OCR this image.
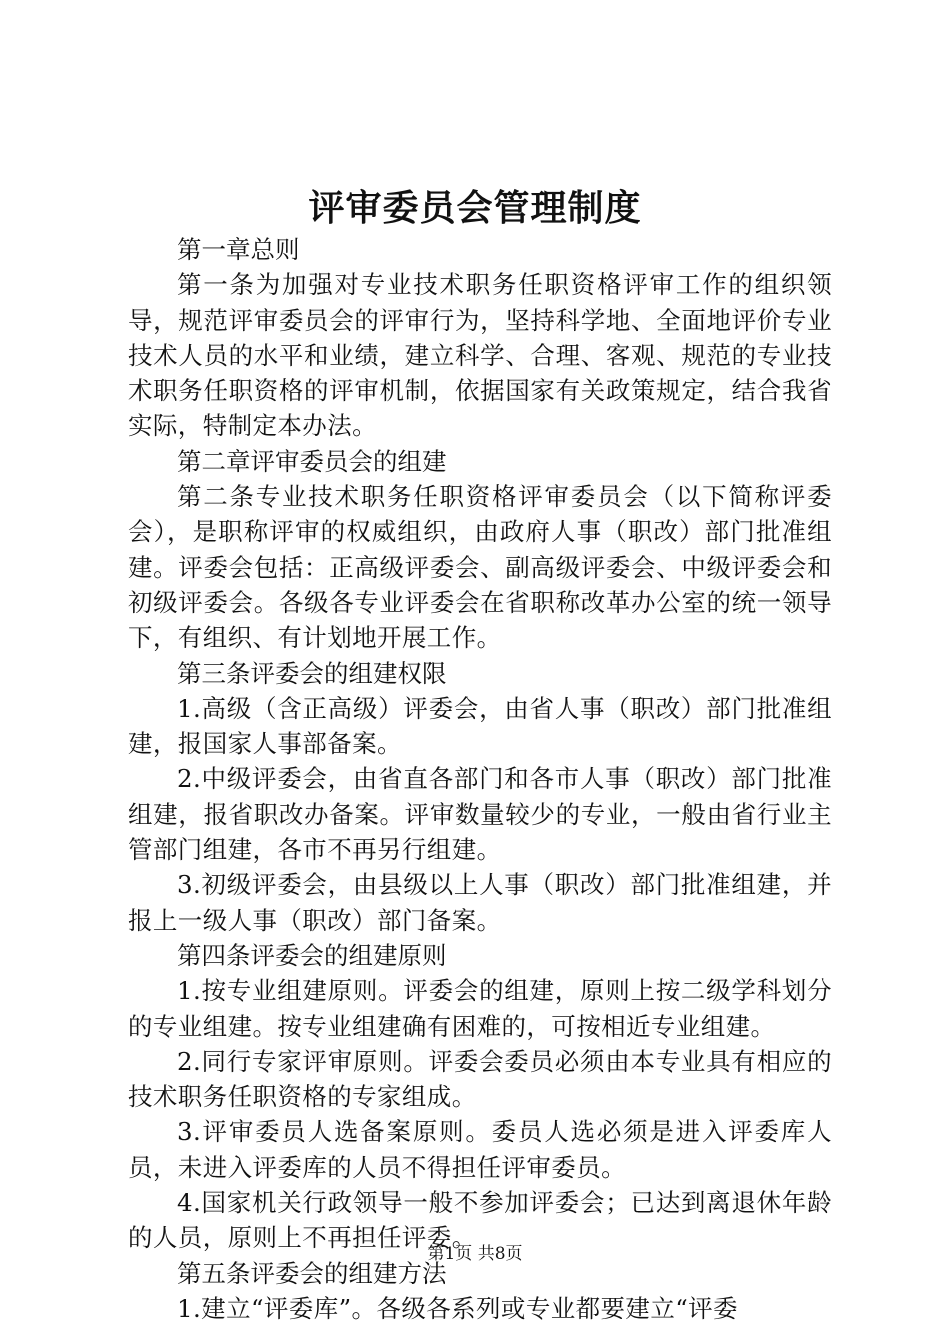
评审委员会管理制度

第一章总则

第一条为加强对专业技术职务任职资格评审工作的组织领导，规范评审委员会的评审行为，坚持科学地、全面地评价专业技术人员的水平和业绩，建立科学、合理、客观、规范的专业技术职务任职资格的评审机制，依据国家有关政策规定，结合我省实际，特制定本办法。

第二章评审委员会的组建

第二条专业技术职务任职资格评审委员会（以下简称评委会），是职称评审的权威组织，由政府人事（职改）部门批准组建。评委会包括：正高级评委会、副高级评委会、中级评委会和初级评委会。各级各专业评委会在省职称改革办公室的统一领导下，有组织、有计划地开展工作。

第三条评委会的组建权限

1.高级（含正高级）评委会，由省人事（职改）部门批准组建，报国家人事部备案。

2.中级评委会，由省直各部门和各市人事（职改）部门批准组建，报省职改办备案。评审数量较少的专业，一般由省行业主管部门组建，各市不再另行组建。

3.初级评委会，由县级以上人事（职改）部门批准组建，并报上一级人事（职改）部门备案。

第四条评委会的组建原则

1.按专业组建原则。评委会的组建，原则上按二级学科划分的专业组建。按专业组建确有困难的，可按相近专业组建。

2.同行专家评审原则。评委会委员必须由本专业具有相应的技术职务任职资格的专家组成。

3.评审委员人选备案原则。委员人选必须是进入评委库人员，未进入评委库的人员不得担任评审委员。

4.国家机关行政领导一般不参加评委会；已达到离退休年龄的人员，原则上不再担任评委。

第五条评委会的组建方法

1.建立“评委库”。各级各系列或专业都要建立“评委

第1页 共8页
